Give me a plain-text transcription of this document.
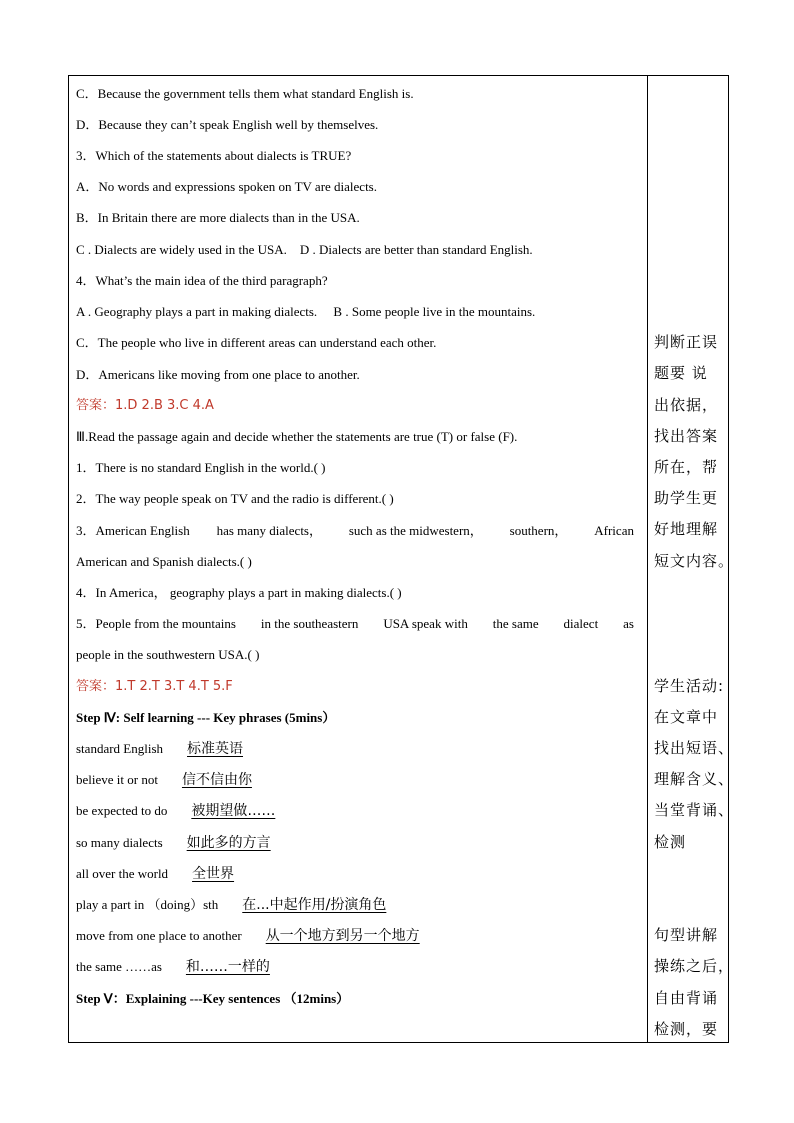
C．Because the government tells them what standard English is.
D．Because they can’t speak English well by themselves.
3．Which of the statements about dialects is TRUE?
A．No words and expressions spoken on TV are dialects.
B．In Britain there are more dialects than in the USA.
C . Dialects are widely used in the USA. D . Dialects are better than standard English.
4．What’s the main idea of the third paragraph?
A . Geography plays a part in making dialects. B . Some people live in the mountains.
C．The people who live in different areas can understand each other.
D．Americans like moving from one place to another.
答案：1.D 2.B 3.C 4.A
Ⅲ.Read the passage again and decide whether the statements are true (T) or false (F).
1．There is no standard English in the world.( )
2．The way people speak on TV and the radio is different.( )
3．American English has many dialects， such as the midwestern， southern， African
American and Spanish dialects.( )
4．In America， geography plays a part in making dialects.( )
5．People from the mountains in the southeastern USA speak with the same dialect as
people in the southwestern USA.( )
答案：1.T 2.T 3.T 4.T 5.F
Step Ⅳ: Self learning --- Key phrases (5mins）
standard English	标准英语
believe it or not	信不信由你
be expected to do	被期望做……
so many dialects	如此多的方言
all over the world	全世界
play a part in （doing）sth	在...中起作用/扮演角色
move from one place to another	从一个地方到另一个地方
the same ……as	和……一样的
Step Ⅴ：Explaining ---Key sentences （12mins）
判断正误
题要 说
出依据，
找出答案
所在，帮
助学生更
好地理解
短文内容。
学生活动:
在文章中
找出短语、
理解含义、
当堂背诵、
检测
句型讲解
操练之后，
自由背诵
检测，要
